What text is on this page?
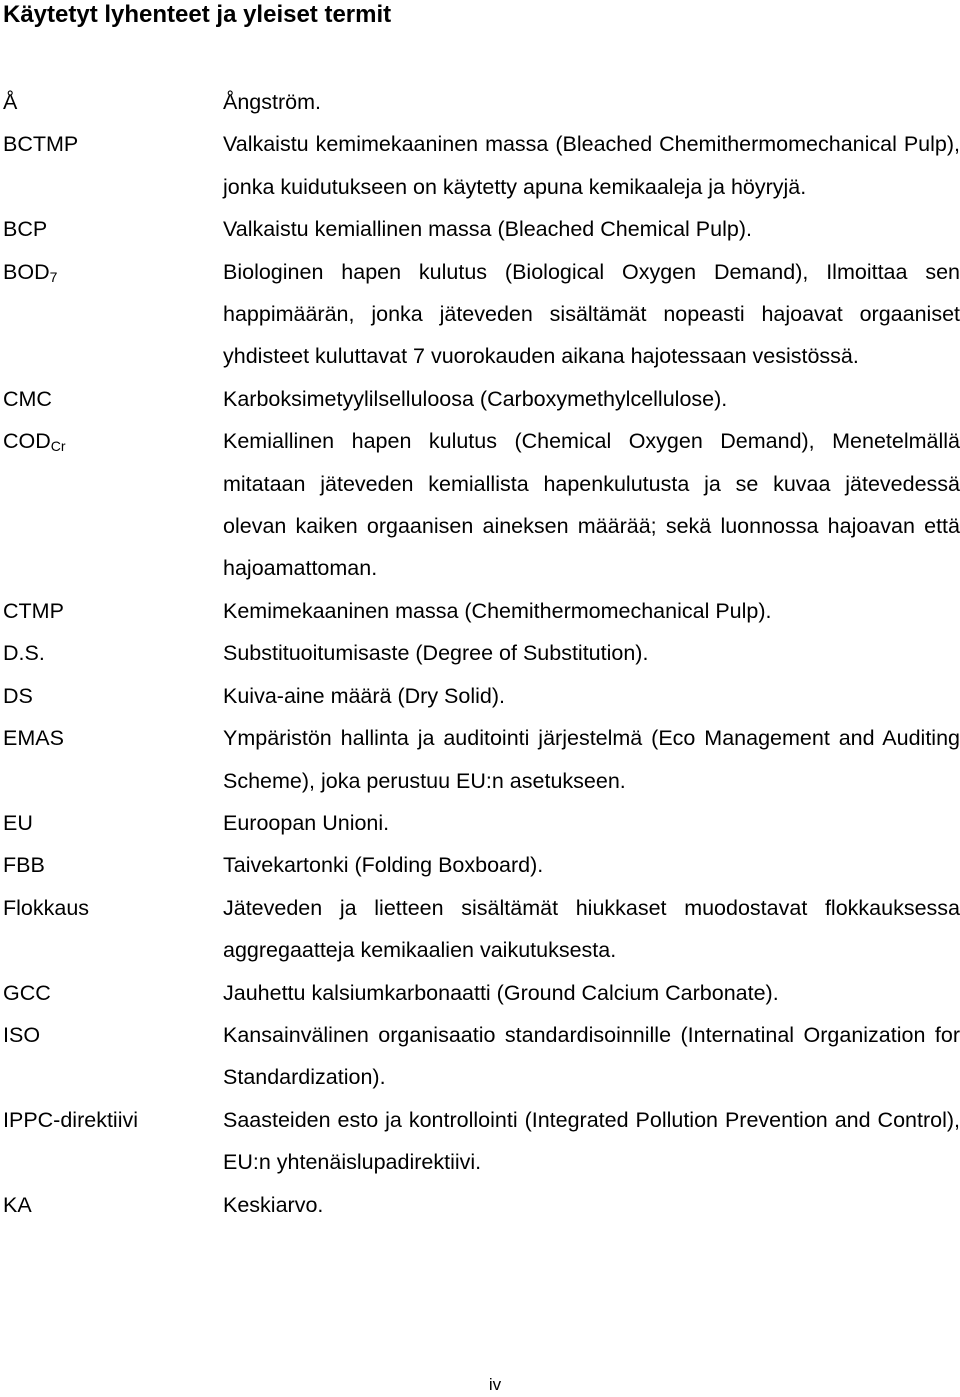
Käytetyt lyhenteet ja yleiset termit
Å	Ångström.
BCTMP	Valkaistu kemimekaaninen massa (Bleached Chemithermomechanical Pulp), jonka kuidutukseen on käytetty apuna kemikaaleja ja höyryjä.
BCP	Valkaistu kemiallinen massa (Bleached Chemical Pulp).
$BOD_7$	Biologinen hapen kulutus (Biological Oxygen Demand), Ilmoittaa sen happimäärän, jonka jäteveden sisältämät nopeasti hajoavat orgaaniset yhdisteet kuluttavat 7 vuorokauden aikana hajotessaan vesistössä.
CMC	Karboksimetyylilselluloosa (Carboxymethylcellulose).
$COD_{Cr}$	Kemiallinen hapen kulutus (Chemical Oxygen Demand), Menetelmällä mitataan jäteveden kemiallista hapenkulutusta ja se kuvaa jätevedessä olevan kaiken orgaanisen aineksen määrää; sekä luonnossa hajoavan että hajoamattoman.
CTMP	Kemimekaaninen massa (Chemithermomechanical Pulp).
D.S.	Substituoitumisaste (Degree of Substitution).
DS	Kuiva-aine määrä (Dry Solid).
EMAS	Ympäristön hallinta ja auditointi järjestelmä (Eco Management and Auditing Scheme), joka perustuu EU:n asetukseen.
EU	Euroopan Unioni.
FBB	Taivekartonki (Folding Boxboard).
Flokkaus	Jäteveden ja lietteen sisältämät hiukkaset muodostavat flokkauksessa aggregaatteja kemikaalien vaikutuksesta.
GCC	Jauhettu kalsiumkarbonaatti (Ground Calcium Carbonate).
ISO	Kansainvälinen organisaatio standardisoinnille (Internatinal Organization for Standardization).
IPPC-direktiivi	Saasteiden esto ja kontrollointi (Integrated Pollution Prevention and Control), EU:n yhtenäislupadirektiivi.
KA	Keskiarvo.
iv
